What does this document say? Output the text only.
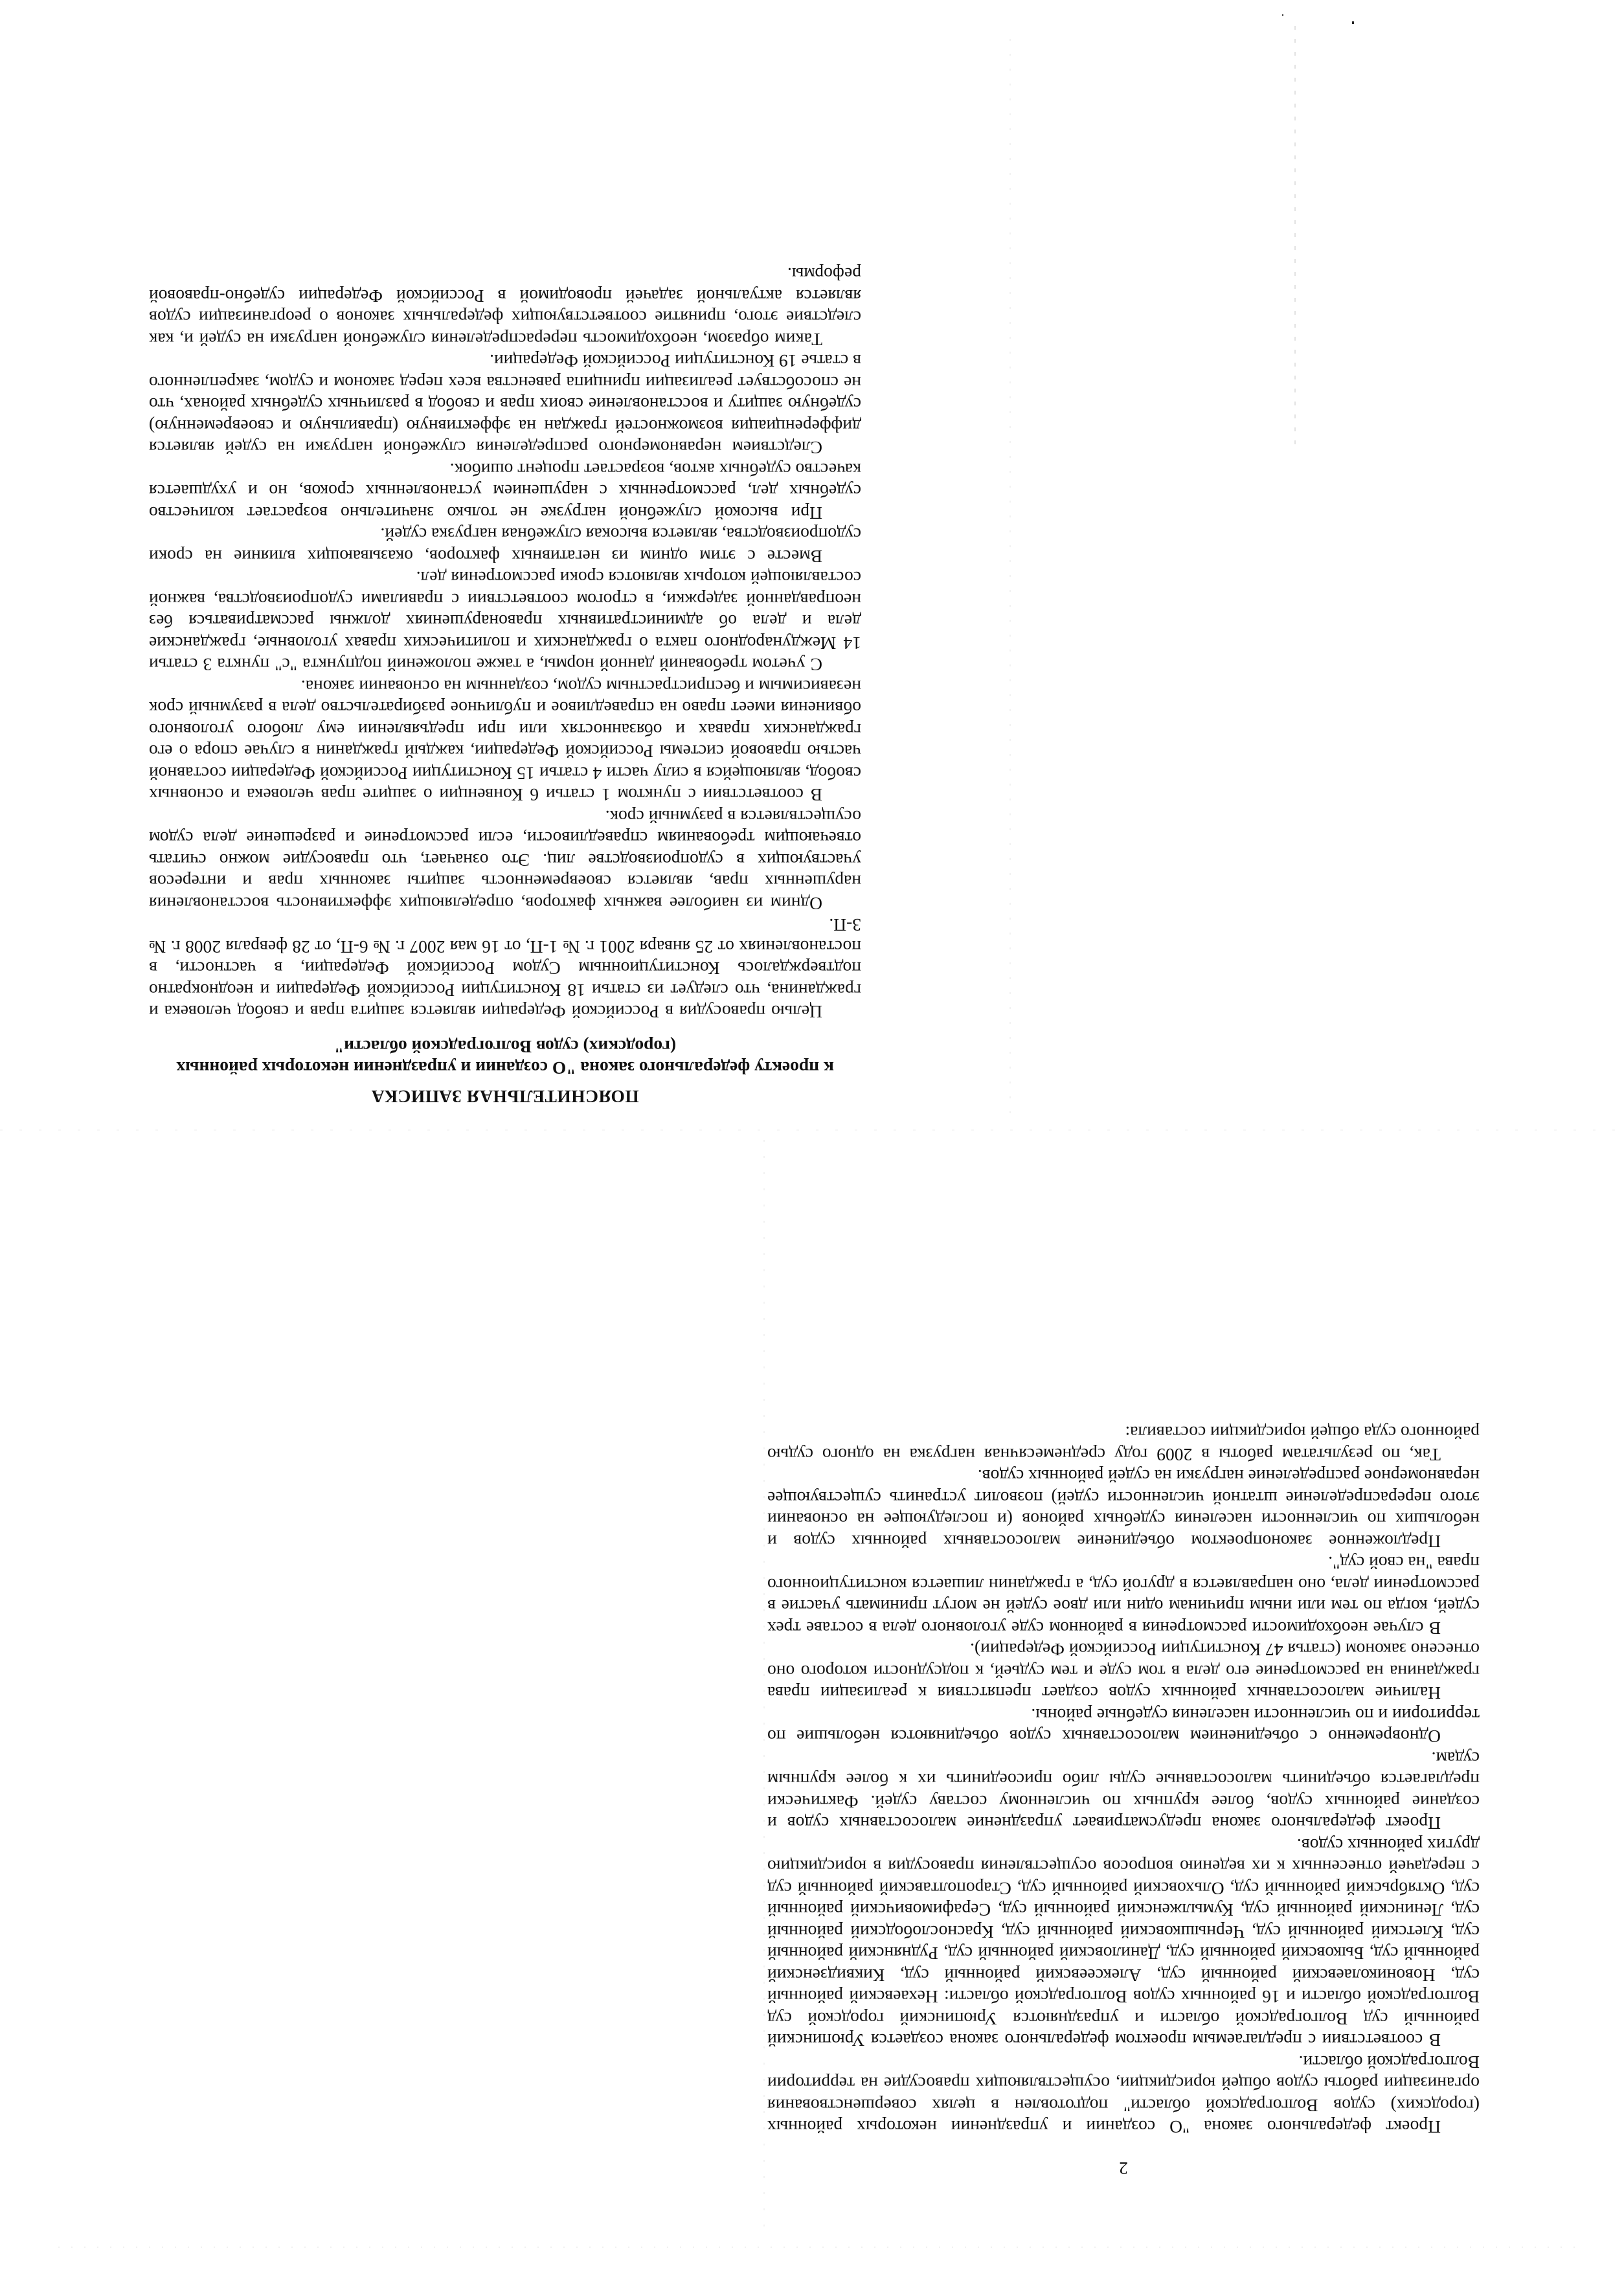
ПОЯСНИТЕЛЬНАЯ ЗАПИСКА
к проекту федерального закона "О создании и упразднении некоторых районных (городских) судов Волгоградской области"

Целью правосудия в Российской Федерации является защита прав и свобод человека и гражданина, что следует из статьи 18 Конституции Российской Федерации и неоднократно подтверждалось Конституционным Судом Российской Федерации, в частности, в постановлениях от 25 января 2001 г. № 1-П, от 16 мая 2007 г. № 6-П, от 28 февраля 2008 г. № 3-П.

Одним из наиболее важных факторов, определяющих эффективность восстановления нарушенных прав, является своевременность защиты законных прав и интересов участвующих в судопроизводстве лиц. Это означает, что правосудие можно считать отвечающим требованиям справедливости, если рассмотрение и разрешение дела судом осуществляется в разумный срок.

В соответствии с пунктом 1 статьи 6 Конвенции о защите прав человека и основных свобод, являющейся в силу части 4 статьи 15 Конституции Российской Федерации составной частью правовой системы Российской Федерации, каждый гражданин в случае спора о его гражданских правах и обязанностях или при предъявлении ему любого уголовного обвинения имеет право на справедливое и публичное разбирательство дела в разумный срок независимым и беспристрастным судом, созданным на основании закона.

С учетом требований данной нормы, а также положений подпункта "с" пункта 3 статьи 14 Международного пакта о гражданских и политических правах уголовные, гражданские дела и дела об административных правонарушениях должны рассматриваться без неоправданной задержки, в строгом соответствии с правилами судопроизводства, важной составляющей которых являются сроки рассмотрения дел.

Вместе с этим одним из негативных факторов, оказывающих влияние на сроки судопроизводства, является высокая служебная нагрузка судей.

При высокой служебной нагрузке не только значительно возрастает количество судебных дел, рассмотренных с нарушением установленных сроков, но и ухудшается качество судебных актов, возрастает процент ошибок.

Следствием неравномерного распределения служебной нагрузки на судей является дифференциация возможностей граждан на эффективную (правильную и своевременную) судебную защиту и восстановление своих прав и свобод в различных судебных районах, что не способствует реализации принципа равенства всех перед законом и судом, закрепленного в статье 19 Конституции Российской Федерации.

Таким образом, необходимость перераспределения служебной нагрузки на судей и, как следствие этого, принятие соответствующих федеральных законов о реорганизации судов является актуальной задачей проводимой в Российской Федерации судебно-правовой реформы.

2

Проект федерального закона "О создании и упразднении некоторых районных (городских) судов Волгоградской области" подготовлен в целях совершенствования организации работы судов общей юрисдикции, осуществляющих правосудие на территории Волгоградской области.

В соответствии с предлагаемым проектом федерального закона создается Урюпинский районный суд Волгоградской области и упраздняются Урюпинский городской суд Волгоградской области и 16 районных судов Волгоградской области: Нехаевский районный суд, Новониколаевский районный суд, Алексеевский районный суд, Киквидзенский районный суд, Быковский районный суд, Даниловский районный суд, Руднянский районный суд, Клетский районный суд, Чернышковский районный суд, Краснослободский районный суд, Ленинский районный суд, Кумылженский районный суд, Серафимовичский районный суд, Октябрьский районный суд, Ольховский районный суд, Старополтавский районный суд с передачей отнесенных к их ведению вопросов осуществления правосудия в юрисдикцию других районных судов.

Проект федерального закона предусматривает упразднение малосоставных судов и создание районных судов, более крупных по численному составу судей. Фактически предлагается объединить малосоставные суды либо присоединить их к более крупным судам.

Одновременно с объединением малосоставных судов объединяются небольшие по территории и по численности населения судебные районы.

Наличие малосоставных районных судов создает препятствия к реализации права гражданина на рассмотрение его дела в том суде и тем судьей, к подсудности которого оно отнесено законом (статья 47 Конституции Российской Федерации).

В случае необходимости рассмотрения в районном суде уголовного дела в составе трех судей, когда по тем или иным причинам один или двое судей не могут принимать участие в рассмотрении дела, оно направляется в другой суд, а гражданин лишается конституционного права "на свой суд".

Предложенное законопроектом объединение малосоставных районных судов и небольших по численности населения судебных районов (и последующее на основании этого перераспределение штатной численности судей) позволит устранить существующее неравномерное распределение нагрузки на судей районных судов.

Так, по результатам работы в 2009 году среднемесячная нагрузка на одного судью районного суда общей юрисдикции составила:
